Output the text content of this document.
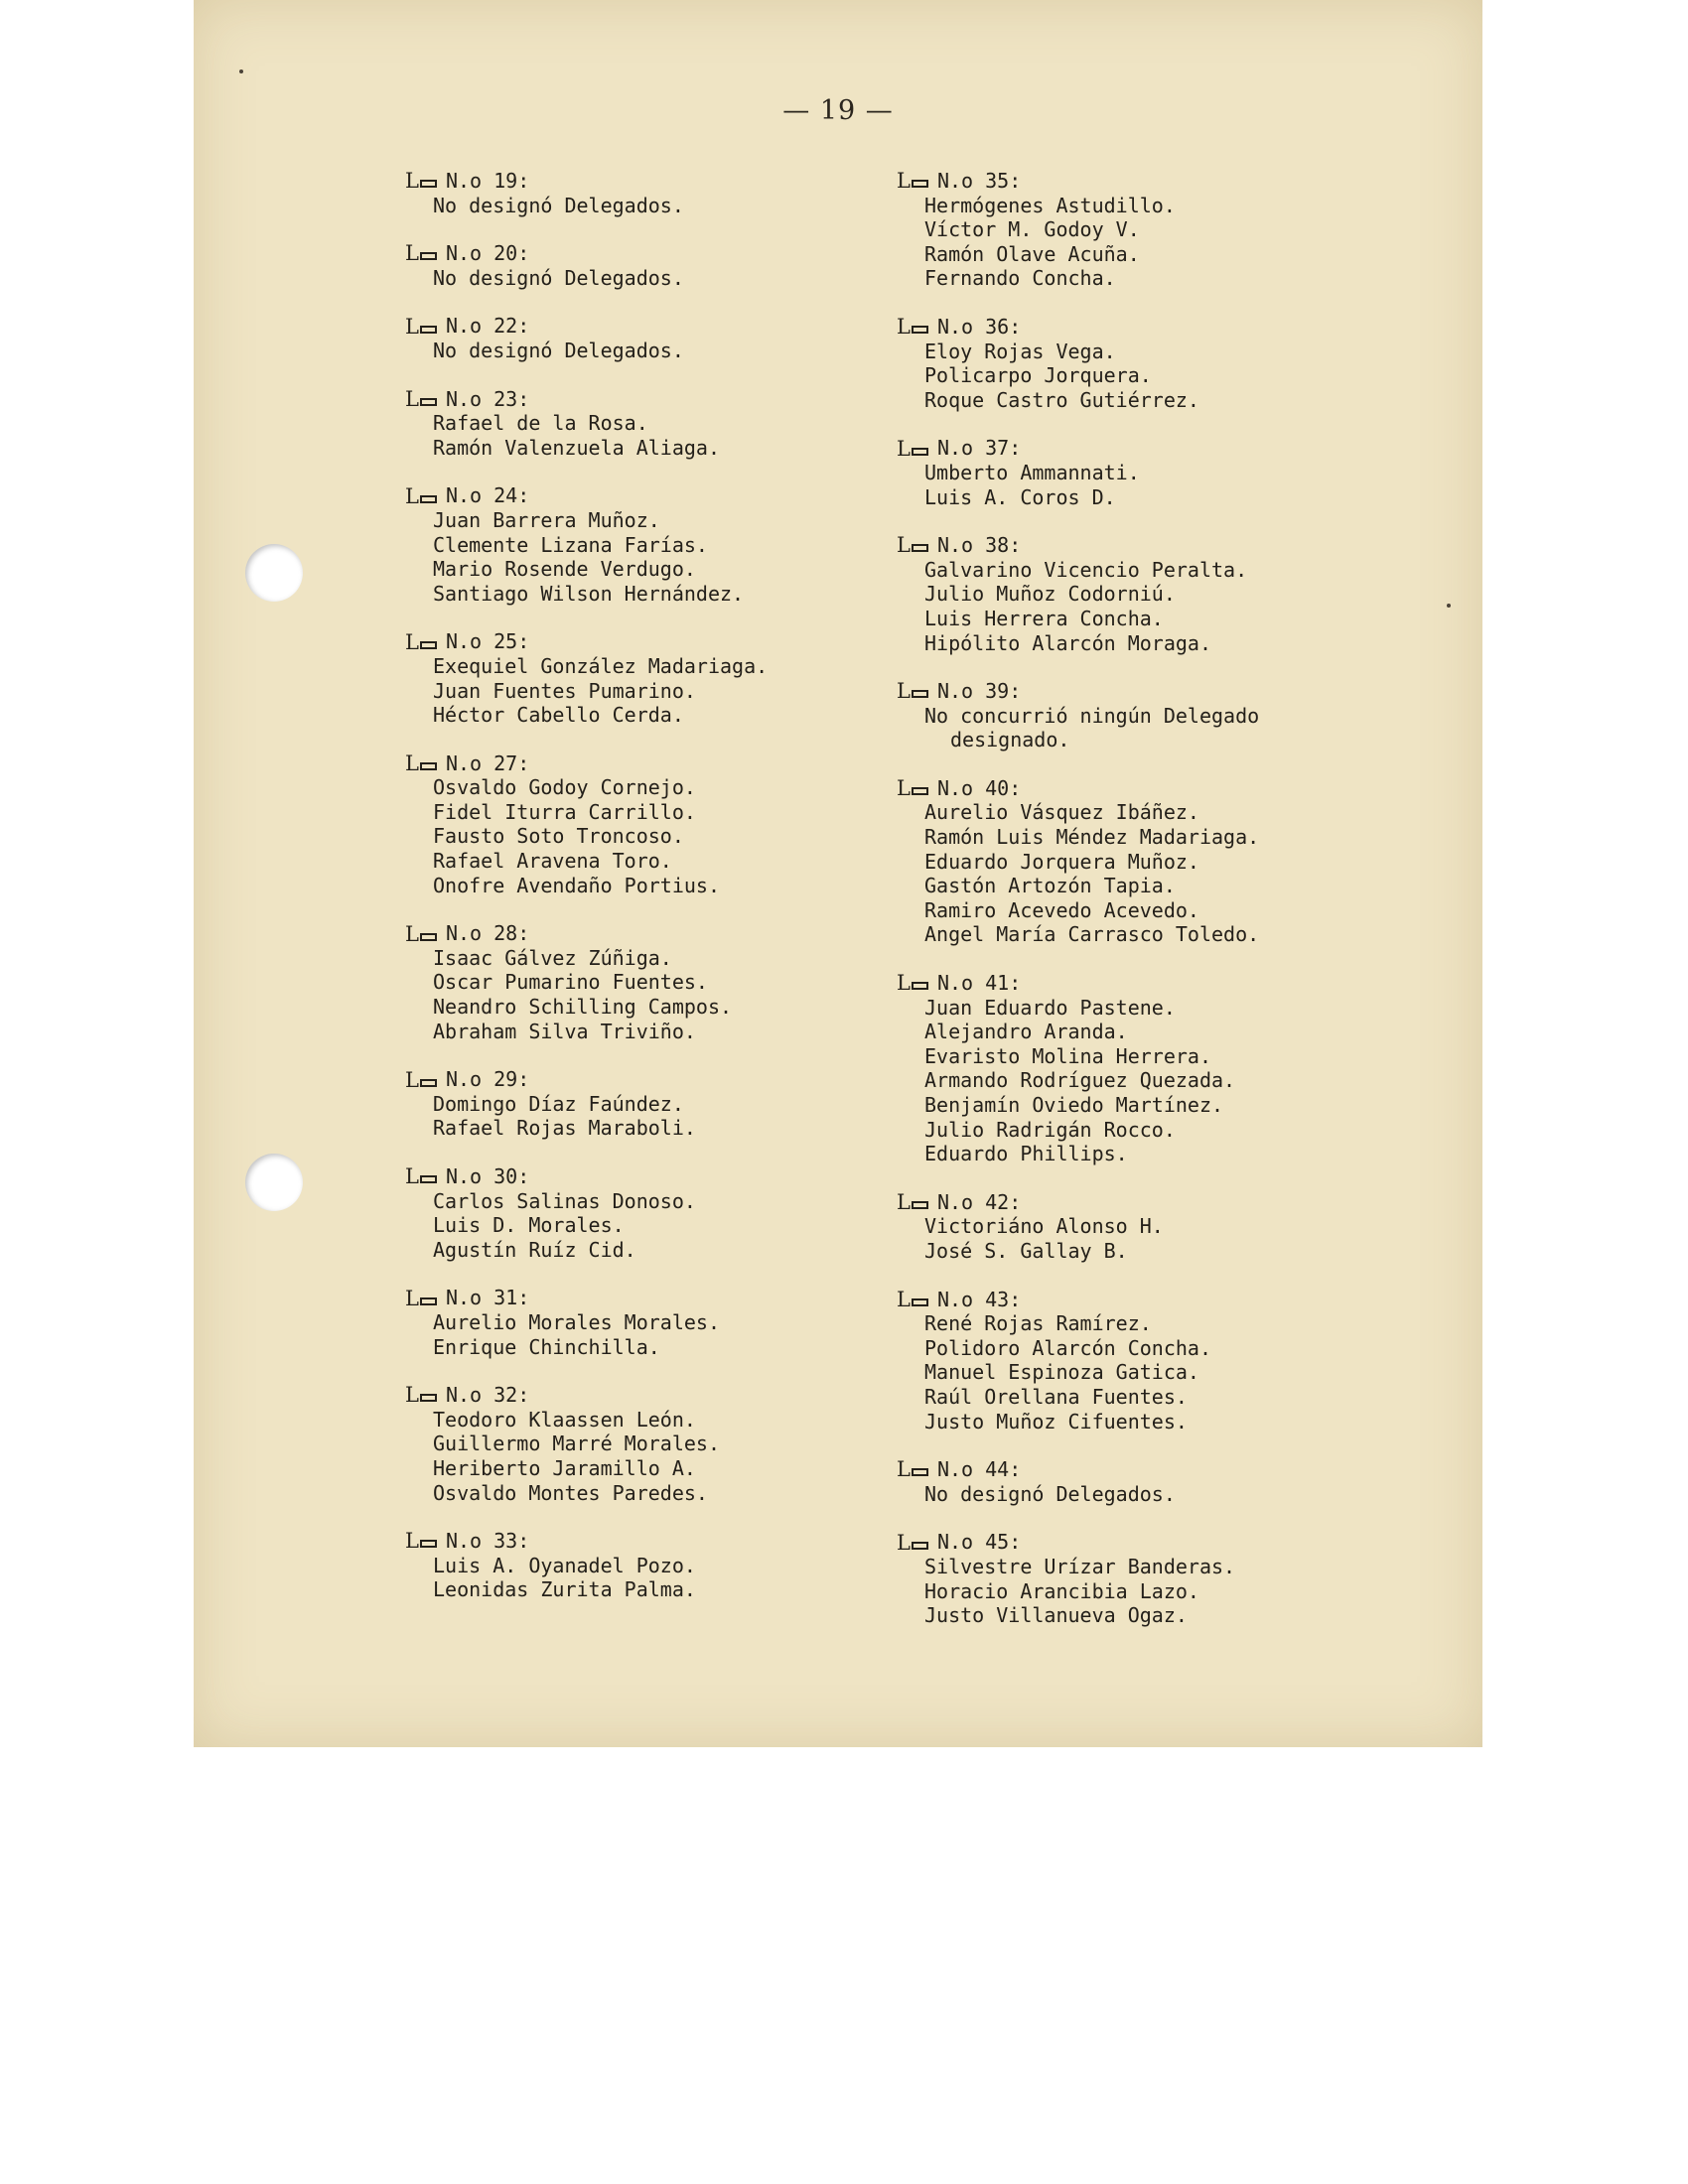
— 19 —
L N.o 19:
No designó Delegados.
L N.o 20:
No designó Delegados.
L N.o 22:
No designó Delegados.
L N.o 23:
Rafael de la Rosa.
Ramón Valenzuela Aliaga.
L N.o 24:
Juan Barrera Muñoz.
Clemente Lizana Farías.
Mario Rosende Verdugo.
Santiago Wilson Hernández.
L N.o 25:
Exequiel González Madariaga.
Juan Fuentes Pumarino.
Héctor Cabello Cerda.
L N.o 27:
Osvaldo Godoy Cornejo.
Fidel Iturra Carrillo.
Fausto Soto Troncoso.
Rafael Aravena Toro.
Onofre Avendaño Portius.
L N.o 28:
Isaac Gálvez Zúñiga.
Oscar Pumarino Fuentes.
Neandro Schilling Campos.
Abraham Silva Triviño.
L N.o 29:
Domingo Díaz Faúndez.
Rafael Rojas Maraboli.
L N.o 30:
Carlos Salinas Donoso.
Luis D. Morales.
Agustín Ruíz Cid.
L N.o 31:
Aurelio Morales Morales.
Enrique Chinchilla.
L N.o 32:
Teodoro Klaassen León.
Guillermo Marré Morales.
Heriberto Jaramillo A.
Osvaldo Montes Paredes.
L N.o 33:
Luis A. Oyanadel Pozo.
Leonidas Zurita Palma.
L N.o 35:
Hermógenes Astudillo.
Víctor M. Godoy V.
Ramón Olave Acuña.
Fernando Concha.
L N.o 36:
Eloy Rojas Vega.
Policarpo Jorquera.
Roque Castro Gutiérrez.
L N.o 37:
Umberto Ammannati.
Luis A. Coros D.
L N.o 38:
Galvarino Vicencio Peralta.
Julio Muñoz Codorniú.
Luis Herrera Concha.
Hipólito Alarcón Moraga.
L N.o 39:
No concurrió ningún Delegado
designado.
L N.o 40:
Aurelio Vásquez Ibáñez.
Ramón Luis Méndez Madariaga.
Eduardo Jorquera Muñoz.
Gastón Artozón Tapia.
Ramiro Acevedo Acevedo.
Angel María Carrasco Toledo.
L N.o 41:
Juan Eduardo Pastene.
Alejandro Aranda.
Evaristo Molina Herrera.
Armando Rodríguez Quezada.
Benjamín Oviedo Martínez.
Julio Radrigán Rocco.
Eduardo Phillips.
L N.o 42:
Victoriáno Alonso H.
José S. Gallay B.
L N.o 43:
René Rojas Ramírez.
Polidoro Alarcón Concha.
Manuel Espinoza Gatica.
Raúl Orellana Fuentes.
Justo Muñoz Cifuentes.
L N.o 44:
No designó Delegados.
L N.o 45:
Silvestre Urízar Banderas.
Horacio Arancibia Lazo.
Justo Villanueva Ogaz.
